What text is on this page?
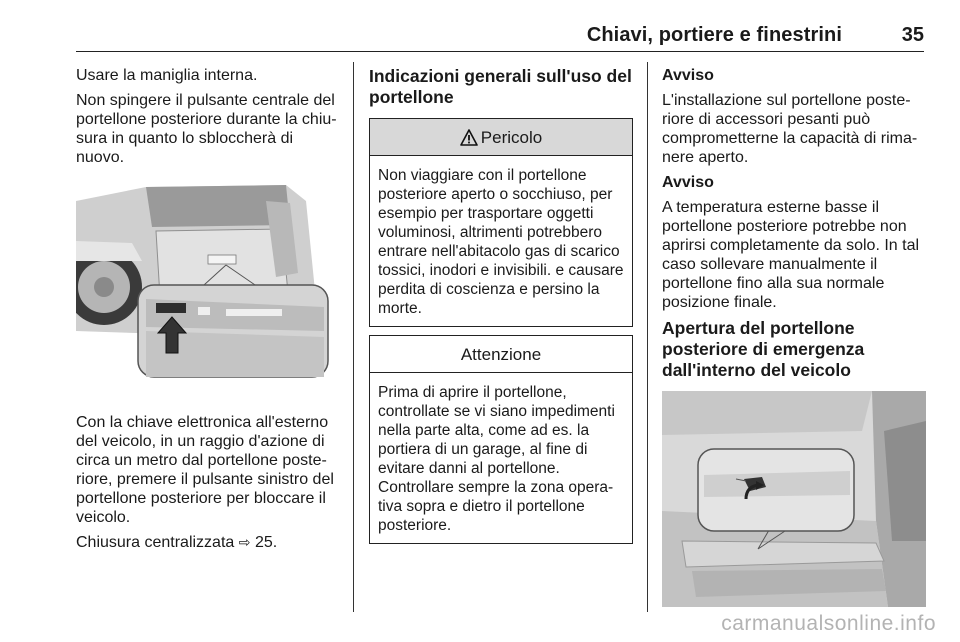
Chiavi, portiere e finestrini	35

Usare la maniglia interna.

Non spingere il pulsante centrale del portellone posteriore durante la chiu-sura in quanto lo sbloccherà di nuovo.

Con la chiave elettronica all'esterno del veicolo, in un raggio d'azione di circa un metro dal portellone poste-riore, premere il pulsante sinistro del portellone posteriore per bloccare il veicolo.

Chiusura centralizzata ⇨ 25.

Indicazioni generali sull'uso del portellone
Pericolo
Non viaggiare con il portellone posteriore aperto o socchiuso, per esempio per trasportare oggetti voluminosi, altrimenti potrebbero entrare nell'abitacolo gas di scarico tossici, inodori e invisibili. e causare perdita di coscienza e persino la morte.
Attenzione
Prima di aprire il portellone, controllate se vi siano impedimenti nella parte alta, come ad es. la portiera di un garage, al fine di evitare danni al portellone. Controllare sempre la zona opera-tiva sopra e dietro il portellone posteriore.

Avviso

L'installazione sul portellone poste-riore di accessori pesanti può comprometterne la capacità di rima-nere aperto.

Avviso

A temperatura esterne basse il portellone posteriore potrebbe non aprirsi completamente da solo. In tal caso sollevare manualmente il portellone fino alla sua normale posizione finale.

Apertura del portellone posteriore di emergenza dall'interno del veicolo
carmanualsonline.info
